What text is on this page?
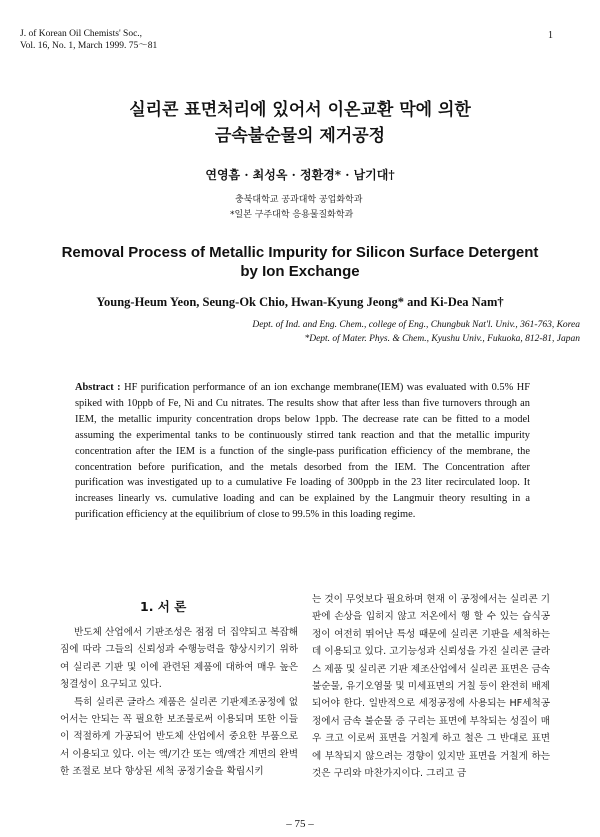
J. of Korean Oil Chemists' Soc.,
Vol. 16, No. 1, March 1999. 75～81
1
실리콘 표면처리에 있어서 이온교환 막에 의한
금속불순물의 제거공정
연영흠 · 최성옥 · 정환경* · 남기대†
충북대학교 공과대학 공업화학과
*일본 구주대학 응용물질화학과
Removal Process of Metallic Impurity for Silicon Surface Detergent
by Ion Exchange
Young-Heum Yeon, Seung-Ok Chio, Hwan-Kyung Jeong* and Ki-Dea Nam†
Dept. of Ind. and Eng. Chem., college of Eng., Chungbuk Nat'l. Univ., 361-763, Korea
*Dept. of Mater. Phys. & Chem., Kyushu Univ., Fukuoka, 812-81, Japan
Abstract : HF purification performance of an ion exchange membrane(IEM) was evaluated with 0.5% HF spiked with 10ppb of Fe, Ni and Cu nitrates. The results show that after less than five turnovers through an IEM, the metallic impurity concentration drops below 1ppb. The decrease rate can be fitted to a model assuming the experimental tanks to be continuously stirred tank reaction and that the metallic impurity concentration after the IEM is a function of the single-pass purification efficiency of the membrane, the concentration before purification, and the metals desorbed from the IEM. The Concentration after purification was investigated up to a cumulative Fe loading of 300ppb in the 23 liter recirculated loop. It increases linearly vs. cumulative loading and can be explained by the Langmuir theory resulting in a purification efficiency at the equilibrium of close to 99.5% in this loading regime.
1. 서 론

반도체 산업에서 기판조성은 점점 더 집약되고 복잡해짐에 따라 그들의 신뢰성과 수행능력을 향상시키기 위하여 실리콘 기판 및 이에 관련된 제품에 대하여 매우 높은 청결성이 요구되고 있다.

특히 실리콘 글라스 제품은 실리콘 기판제조공정에 없어서는 안되는 꼭 필요한 보조물로써 이용되며 또한 이들이 적절하게 가공되어 반도체 산업에서 중요한 부품으로서 이용되고 있다. 이는 액/기간 또는 액/액간 계면의 완벽한 조절로 보다 향상된 세척 공정기술을 확립시키

는 것이 무엇보다 필요하며 현재 이 공정에서는 실리콘 기판에 손상을 입히지 않고 저온에서 행 할 수 있는 습식공정이 여전히 뛰어난 특성 때문에 실리콘 기판을 세척하는데 이용되고 있다. 고기능성과 신뢰성을 가진 실리콘 글라스 제품 및 실리콘 기판 제조산업에서 실리콘 표면은 금속 불순물, 유기오염물 및 미세표면의 거칠 등이 완전히 배제되어야 한다. 일반적으로 세정공정에 사용되는 HF세척공정에서 금속 불순물 증 구리는 표면에 부착되는 성질이 매우 크고 이로써 표면을 거칠게 하고 철은 그 반대로 표면에 부착되지 않으려는 경향이 있지만 표면을 거칠게 하는 것은 구리와 마찬가지이다. 그리고 금

– 75 –
